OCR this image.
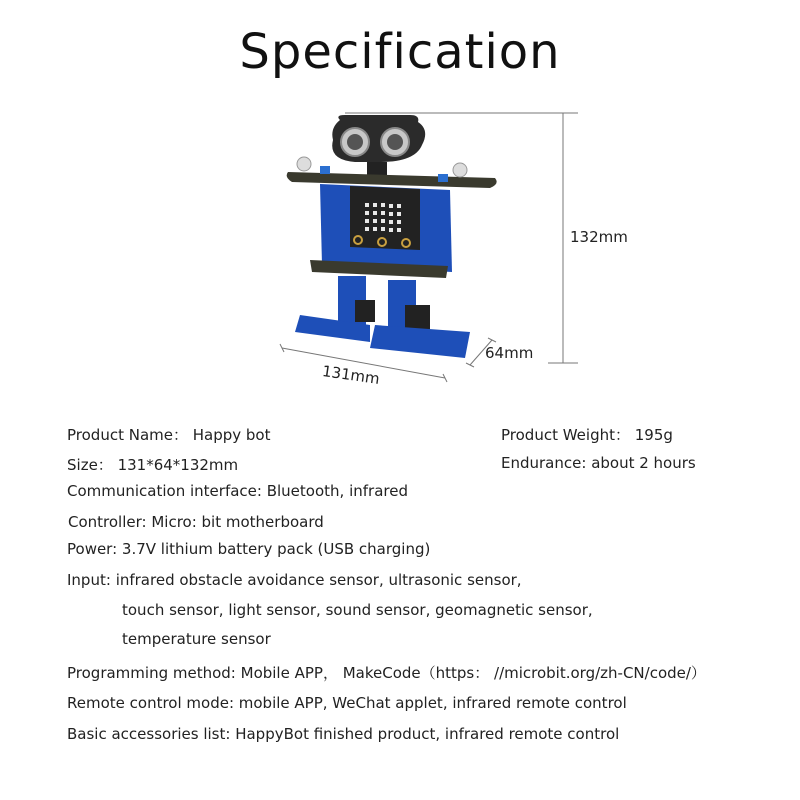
Specification
132mm
64mm
131mm
Product Name： Happy bot
Size： 131*64*132mm
Communication interface: Bluetooth, infrared
Controller: Micro: bit motherboard
Power: 3.7V lithium battery pack (USB charging)
Product Weight： 195g
Endurance: about 2 hours
Input: infrared obstacle avoidance sensor, ultrasonic sensor,
touch sensor, light sensor, sound sensor, geomagnetic sensor,
temperature sensor
Programming method: Mobile APP， MakeCode（https： //microbit.org/zh-CN/code/）
Remote control mode: mobile APP, WeChat applet, infrared remote control
Basic accessories list: HappyBot finished product, infrared remote control
